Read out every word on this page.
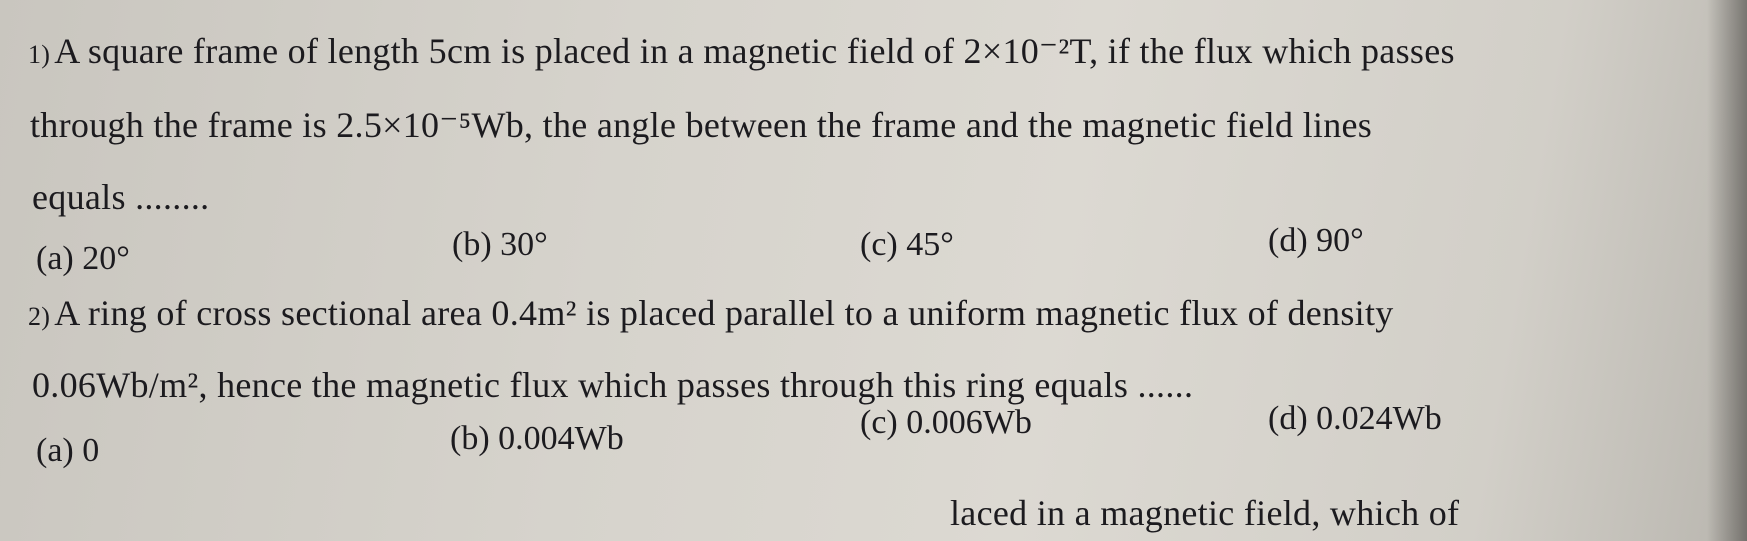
1) A square frame of length 5cm is placed in a magnetic field of 2×10⁻²T, if the flux which passes
through the frame is 2.5×10⁻⁵Wb, the angle between the frame and the magnetic field lines
equals ........
(a) 20°	(b) 30°	(c) 45°	(d) 90°
2) A ring of cross sectional area 0.4m² is placed parallel to a uniform magnetic flux of density
0.06Wb/m², hence the magnetic flux which passes through this ring equals ......
(a) 0	(b) 0.004Wb	(c) 0.006Wb	(d) 0.024Wb
laced in a magnetic field, which of
